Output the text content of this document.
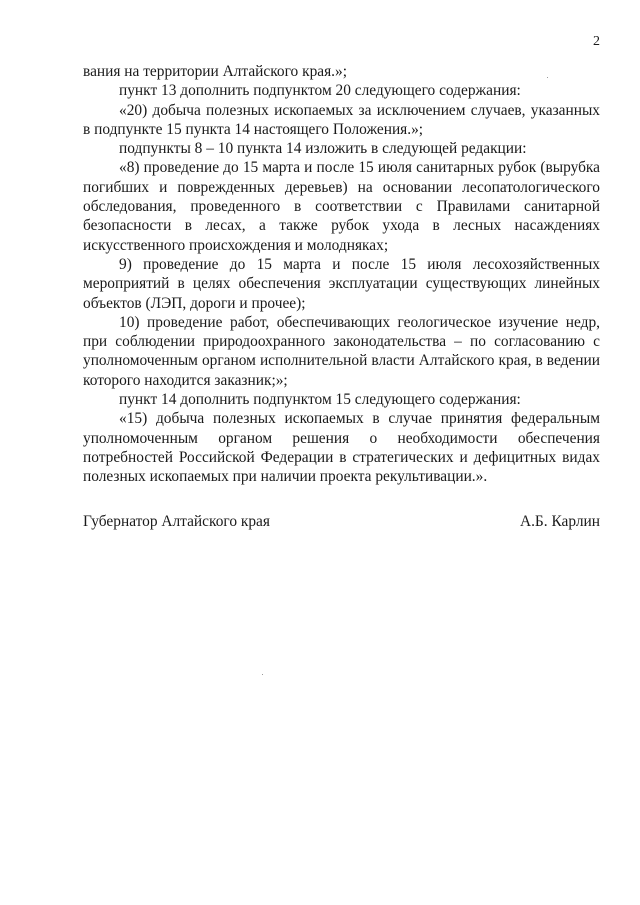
2

вания на территории Алтайского края.»;

пункт 13 дополнить подпунктом 20 следующего содержания:

«20) добыча полезных ископаемых за исключением случаев, указанных в подпункте 15 пункта 14 настоящего Положения.»;

подпункты 8 – 10 пункта 14 изложить в следующей редакции:

«8) проведение до 15 марта и после 15 июля санитарных рубок (вырубка погибших и поврежденных деревьев) на основании лесопатологического обследования, проведенного в соответствии с Правилами санитарной безопасности в лесах, а также рубок ухода в лесных насаждениях искусственного происхождения и молодняках;

9) проведение до 15 марта и после 15 июля лесохозяйственных мероприятий в целях обеспечения эксплуатации существующих линейных объектов (ЛЭП, дороги и прочее);

10) проведение работ, обеспечивающих геологическое изучение недр, при соблюдении природоохранного законодательства – по согласованию с уполномоченным органом исполнительной власти Алтайского края, в ведении которого находится заказник;»;

пункт 14 дополнить подпунктом 15 следующего содержания:

«15) добыча полезных ископаемых в случае принятия федеральным уполномоченным органом решения о необходимости обеспечения потребностей Российской Федерации в стратегических и дефицитных видах полезных ископаемых при наличии проекта рекультивации.».

Губернатор Алтайского края	А.Б. Карлин
